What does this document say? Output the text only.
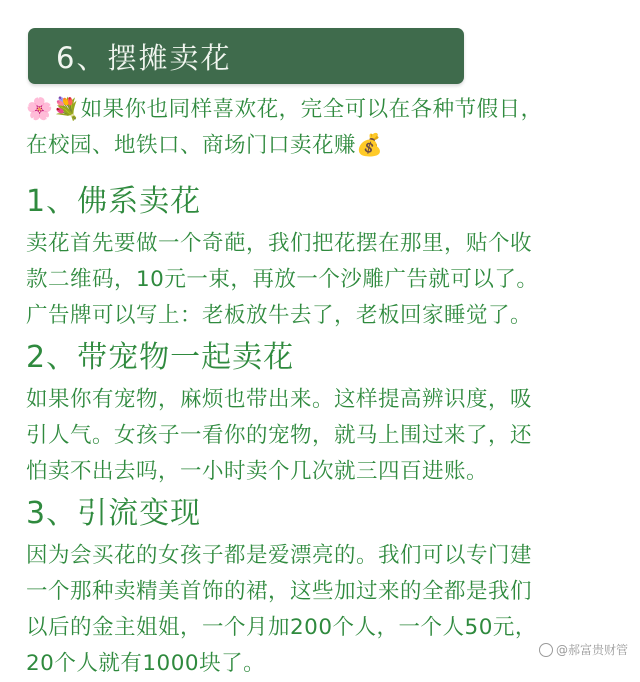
6、摆摊卖花
🌸💐如果你也同样喜欢花，完全可以在各种节假日，
在校园、地铁口、商场门口卖花赚💰
1、佛系卖花
卖花首先要做一个奇葩，我们把花摆在那里，贴个收
款二维码，10元一束，再放一个沙雕广告就可以了。
广告牌可以写上：老板放牛去了，老板回家睡觉了。
2、带宠物一起卖花
如果你有宠物，麻烦也带出来。这样提高辨识度，吸
引人气。女孩子一看你的宠物，就马上围过来了，还
怕卖不出去吗，一小时卖个几次就三四百进账。
3、引流变现
因为会买花的女孩子都是爱漂亮的。我们可以专门建
一个那种卖精美首饰的裙，这些加过来的全都是我们
以后的金主姐姐，一个月加200个人，一个人50元，
20个人就有1000块了。
@郝富贵财管
